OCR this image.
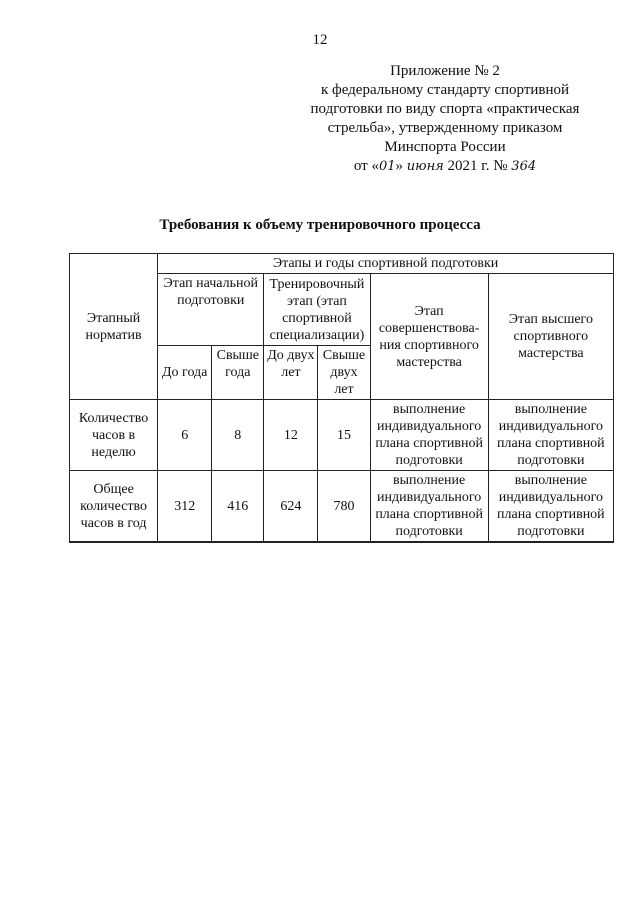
12
Приложение № 2
к федеральному стандарту спортивной
подготовки по виду спорта «практическая
стрельба», утвержденному приказом
Минспорта России
от «01» июня 2021 г. № 364
Требования к объему тренировочного процесса
Этапный норматив	Этапы и годы спортивной подготовки					
	Этап начальной подготовки		Тренировочный этап (этап спортивной специализации)		Этап совершенствова-ния спортивного мастерства	Этап высшего спортивного мастерства
	До года	Свыше года	До двух лет	Свыше двух лет		
Количество часов в неделю	6	8	12	15	выполнение индивидуального плана спортивной подготовки	выполнение индивидуального плана спортивной подготовки
Общее количество часов в год	312	416	624	780	выполнение индивидуального плана спортивной подготовки	выполнение индивидуального плана спортивной подготовки
